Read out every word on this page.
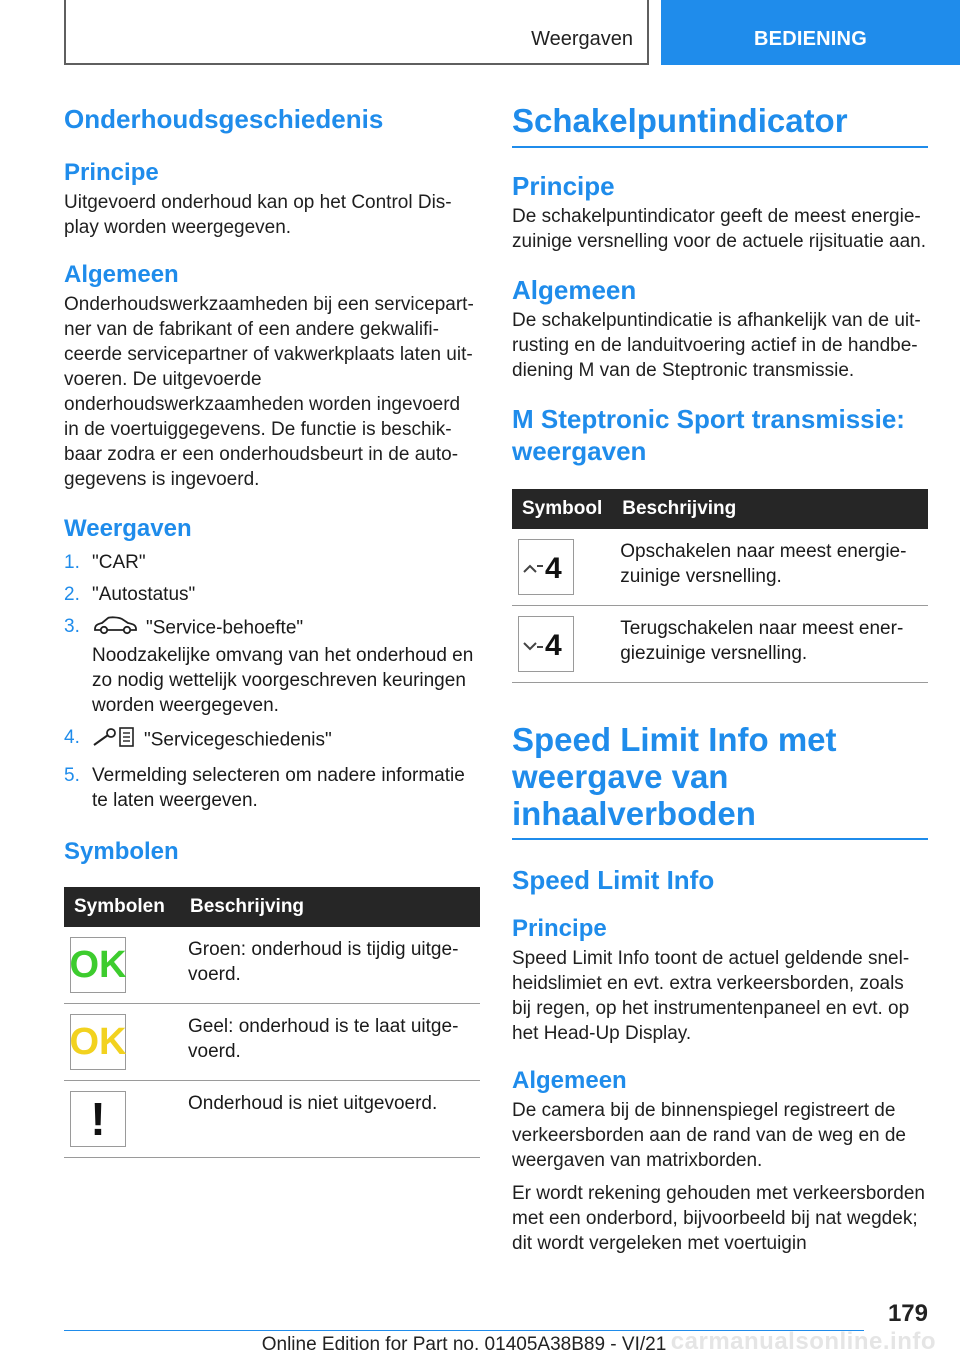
Weergaven	BEDIENING
Onderhoudsgeschiedenis
Principe

Uitgevoerd onderhoud kan op het Control Display worden weergegeven.

Algemeen

Onderhoudswerkzaamheden bij een servicepartner van de fabrikant of een andere gekwalificeerde servicepartner of vakwerkplaats laten uitvoeren. De uitgevoerde onderhoudswerkzaamheden worden ingevoerd in de voertuiggegevens. De functie is beschikbaar zodra er een onderhoudsbeurt in de autogegevens is ingevoerd.

Weergaven
1. "CAR"
2. "Autostatus"
3.	"Service-behoefte"
Noodzakelijke omvang van het onderhoud en zo nodig wettelijk voorgeschreven keuringen worden weergegeven.
4.	"Servicegeschiedenis"
5. Vermelding selecteren om nadere informatie te laten weergeven.
Symbolen
Symbolen	Beschrijving

OK	Groen: onderhoud is tijdig uitgevoerd.

OK	Geel: onderhoud is te laat uitgevoerd.

!	Onderhoud is niet uitgevoerd.
Schakelpuntindicator
Principe

De schakelpuntindicator geeft de meest energiezuinige versnelling voor de actuele rijsituatie aan.

Algemeen

De schakelpuntindicatie is afhankelijk van de uitrusting en de landuitvoering actief in de handbediening M van de Steptronic transmissie.

M Steptronic Sport transmissie: weergaven
Symbool	Beschrijving

4	Opschakelen naar meest energiezuinige versnelling.

4	Terugschakelen naar meest energiezuinige versnelling.
Speed Limit Info met weergave van inhaalverboden
Speed Limit Info
Principe

Speed Limit Info toont de actuel geldende snelheidslimiet en evt. extra verkeersborden, zoals bij regen, op het instrumentenpaneel en evt. op het Head-Up Display.

Algemeen

De camera bij de binnenspiegel registreert de verkeersborden aan de rand van de weg en de weergaven van matrixborden.

Er wordt rekening gehouden met verkeersborden met een onderbord, bijvoorbeeld bij nat wegdek; dit wordt vergeleken met voertuigin

179
Online Edition for Part no. 01405A38B89 - VI/21 carmanualsonline.info
